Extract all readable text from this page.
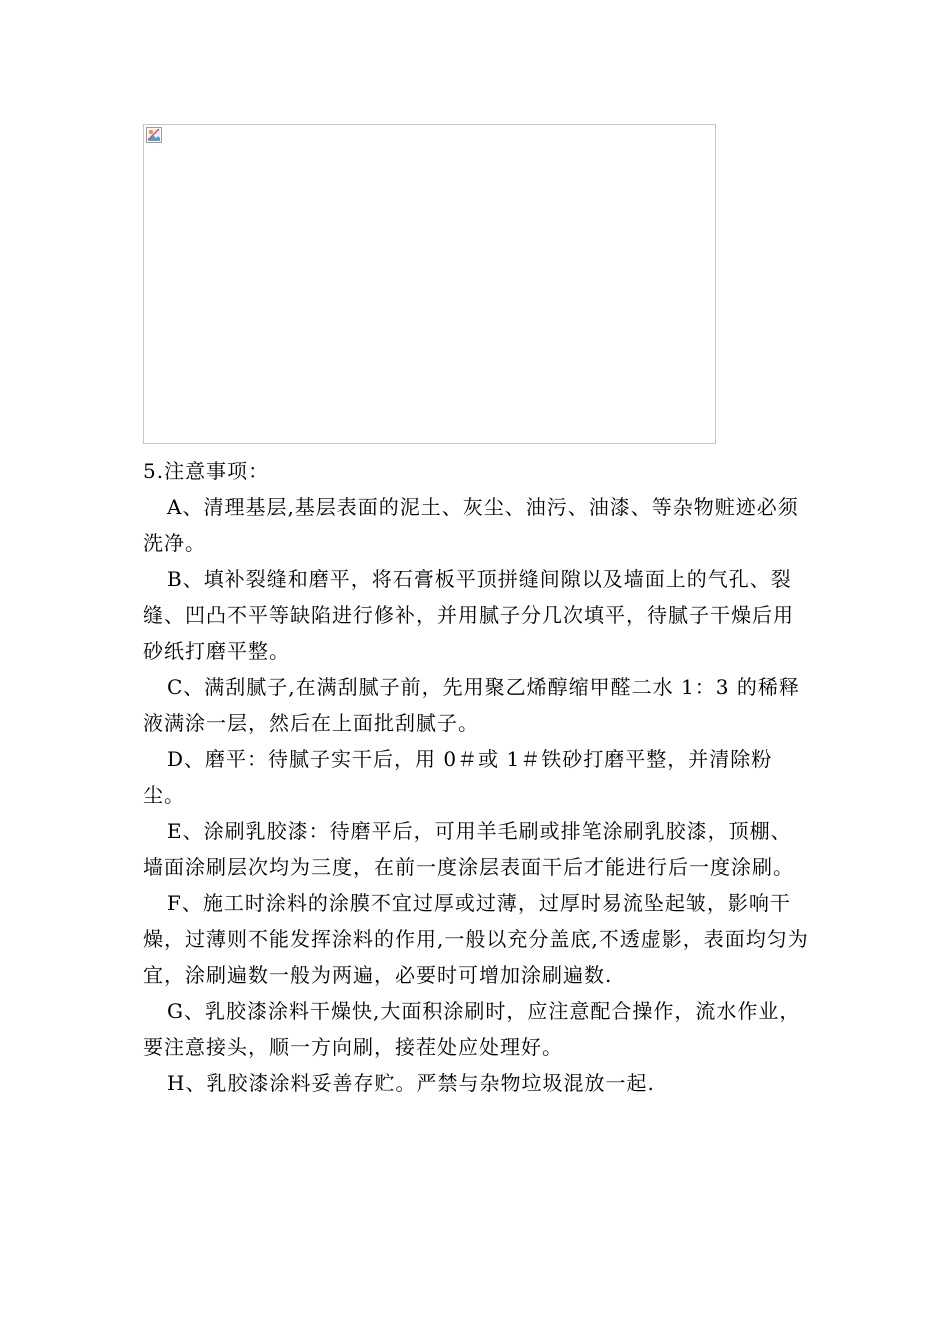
5.注意事项：

A、清理基层,基层表面的泥土、灰尘、油污、油漆、等杂物赃迹必须洗净。

B、填补裂缝和磨平，将石膏板平顶拼缝间隙以及墙面上的气孔、裂缝、凹凸不平等缺陷进行修补，并用腻子分几次填平，待腻子干燥后用砂纸打磨平整。

C、满刮腻子,在满刮腻子前，先用聚乙烯醇缩甲醛二水 1：3 的稀释液满涂一层，然后在上面批刮腻子。

D、磨平：待腻子实干后，用 0＃或 1＃铁砂打磨平整，并清除粉尘。

E、涂刷乳胶漆：待磨平后，可用羊毛刷或排笔涂刷乳胶漆，顶棚、墙面涂刷层次均为三度，在前一度涂层表面干后才能进行后一度涂刷。

F、施工时涂料的涂膜不宜过厚或过薄，过厚时易流坠起皱，影响干燥，过薄则不能发挥涂料的作用,一般以充分盖底,不透虚影，表面均匀为宜，涂刷遍数一般为两遍，必要时可增加涂刷遍数.

G、乳胶漆涂料干燥快,大面积涂刷时，应注意配合操作，流水作业，要注意接头，顺一方向刷，接茬处应处理好。

H、乳胶漆涂料妥善存贮。严禁与杂物垃圾混放一起.
